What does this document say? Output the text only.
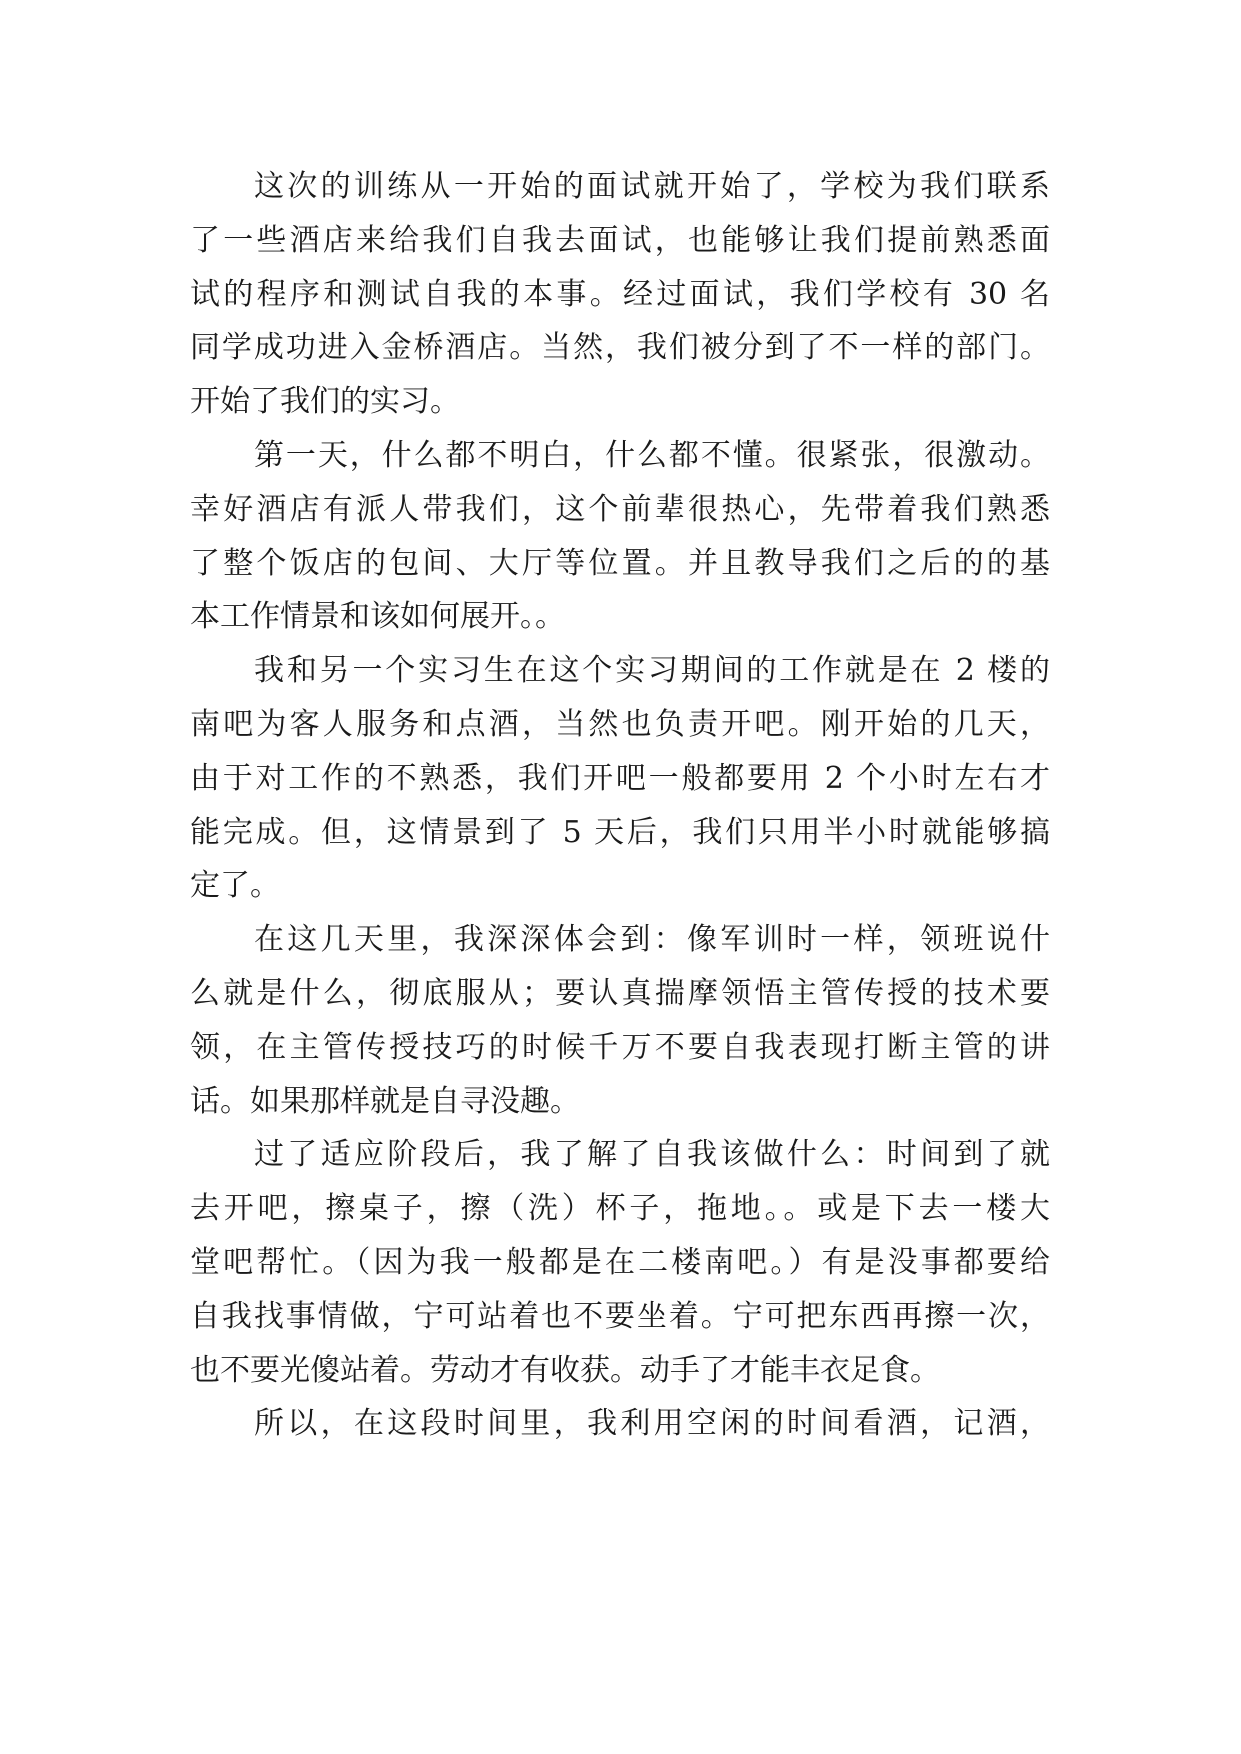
这次的训练从一开始的面试就开始了，学校为我们联系
了一些酒店来给我们自我去面试，也能够让我们提前熟悉面
试的程序和测试自我的本事。经过面试，我们学校有 30 名
同学成功进入金桥酒店。当然，我们被分到了不一样的部门。
开始了我们的实习。
第一天，什么都不明白，什么都不懂。很紧张，很激动。
幸好酒店有派人带我们，这个前辈很热心，先带着我们熟悉
了整个饭店的包间、大厅等位置。并且教导我们之后的的基
本工作情景和该如何展开。。
我和另一个实习生在这个实习期间的工作就是在 2 楼的
南吧为客人服务和点酒，当然也负责开吧。刚开始的几天，
由于对工作的不熟悉，我们开吧一般都要用 2 个小时左右才
能完成。但，这情景到了 5 天后，我们只用半小时就能够搞
定了。
在这几天里，我深深体会到：像军训时一样，领班说什
么就是什么，彻底服从；要认真揣摩领悟主管传授的技术要
领，在主管传授技巧的时候千万不要自我表现打断主管的讲
话。如果那样就是自寻没趣。
过了适应阶段后，我了解了自我该做什么：时间到了就
去开吧，擦桌子，擦（洗）杯子，拖地。。或是下去一楼大
堂吧帮忙。（因为我一般都是在二楼南吧。）有是没事都要给
自我找事情做，宁可站着也不要坐着。宁可把东西再擦一次，
也不要光傻站着。劳动才有收获。动手了才能丰衣足食。
所以，在这段时间里，我利用空闲的时间看酒，记酒，
